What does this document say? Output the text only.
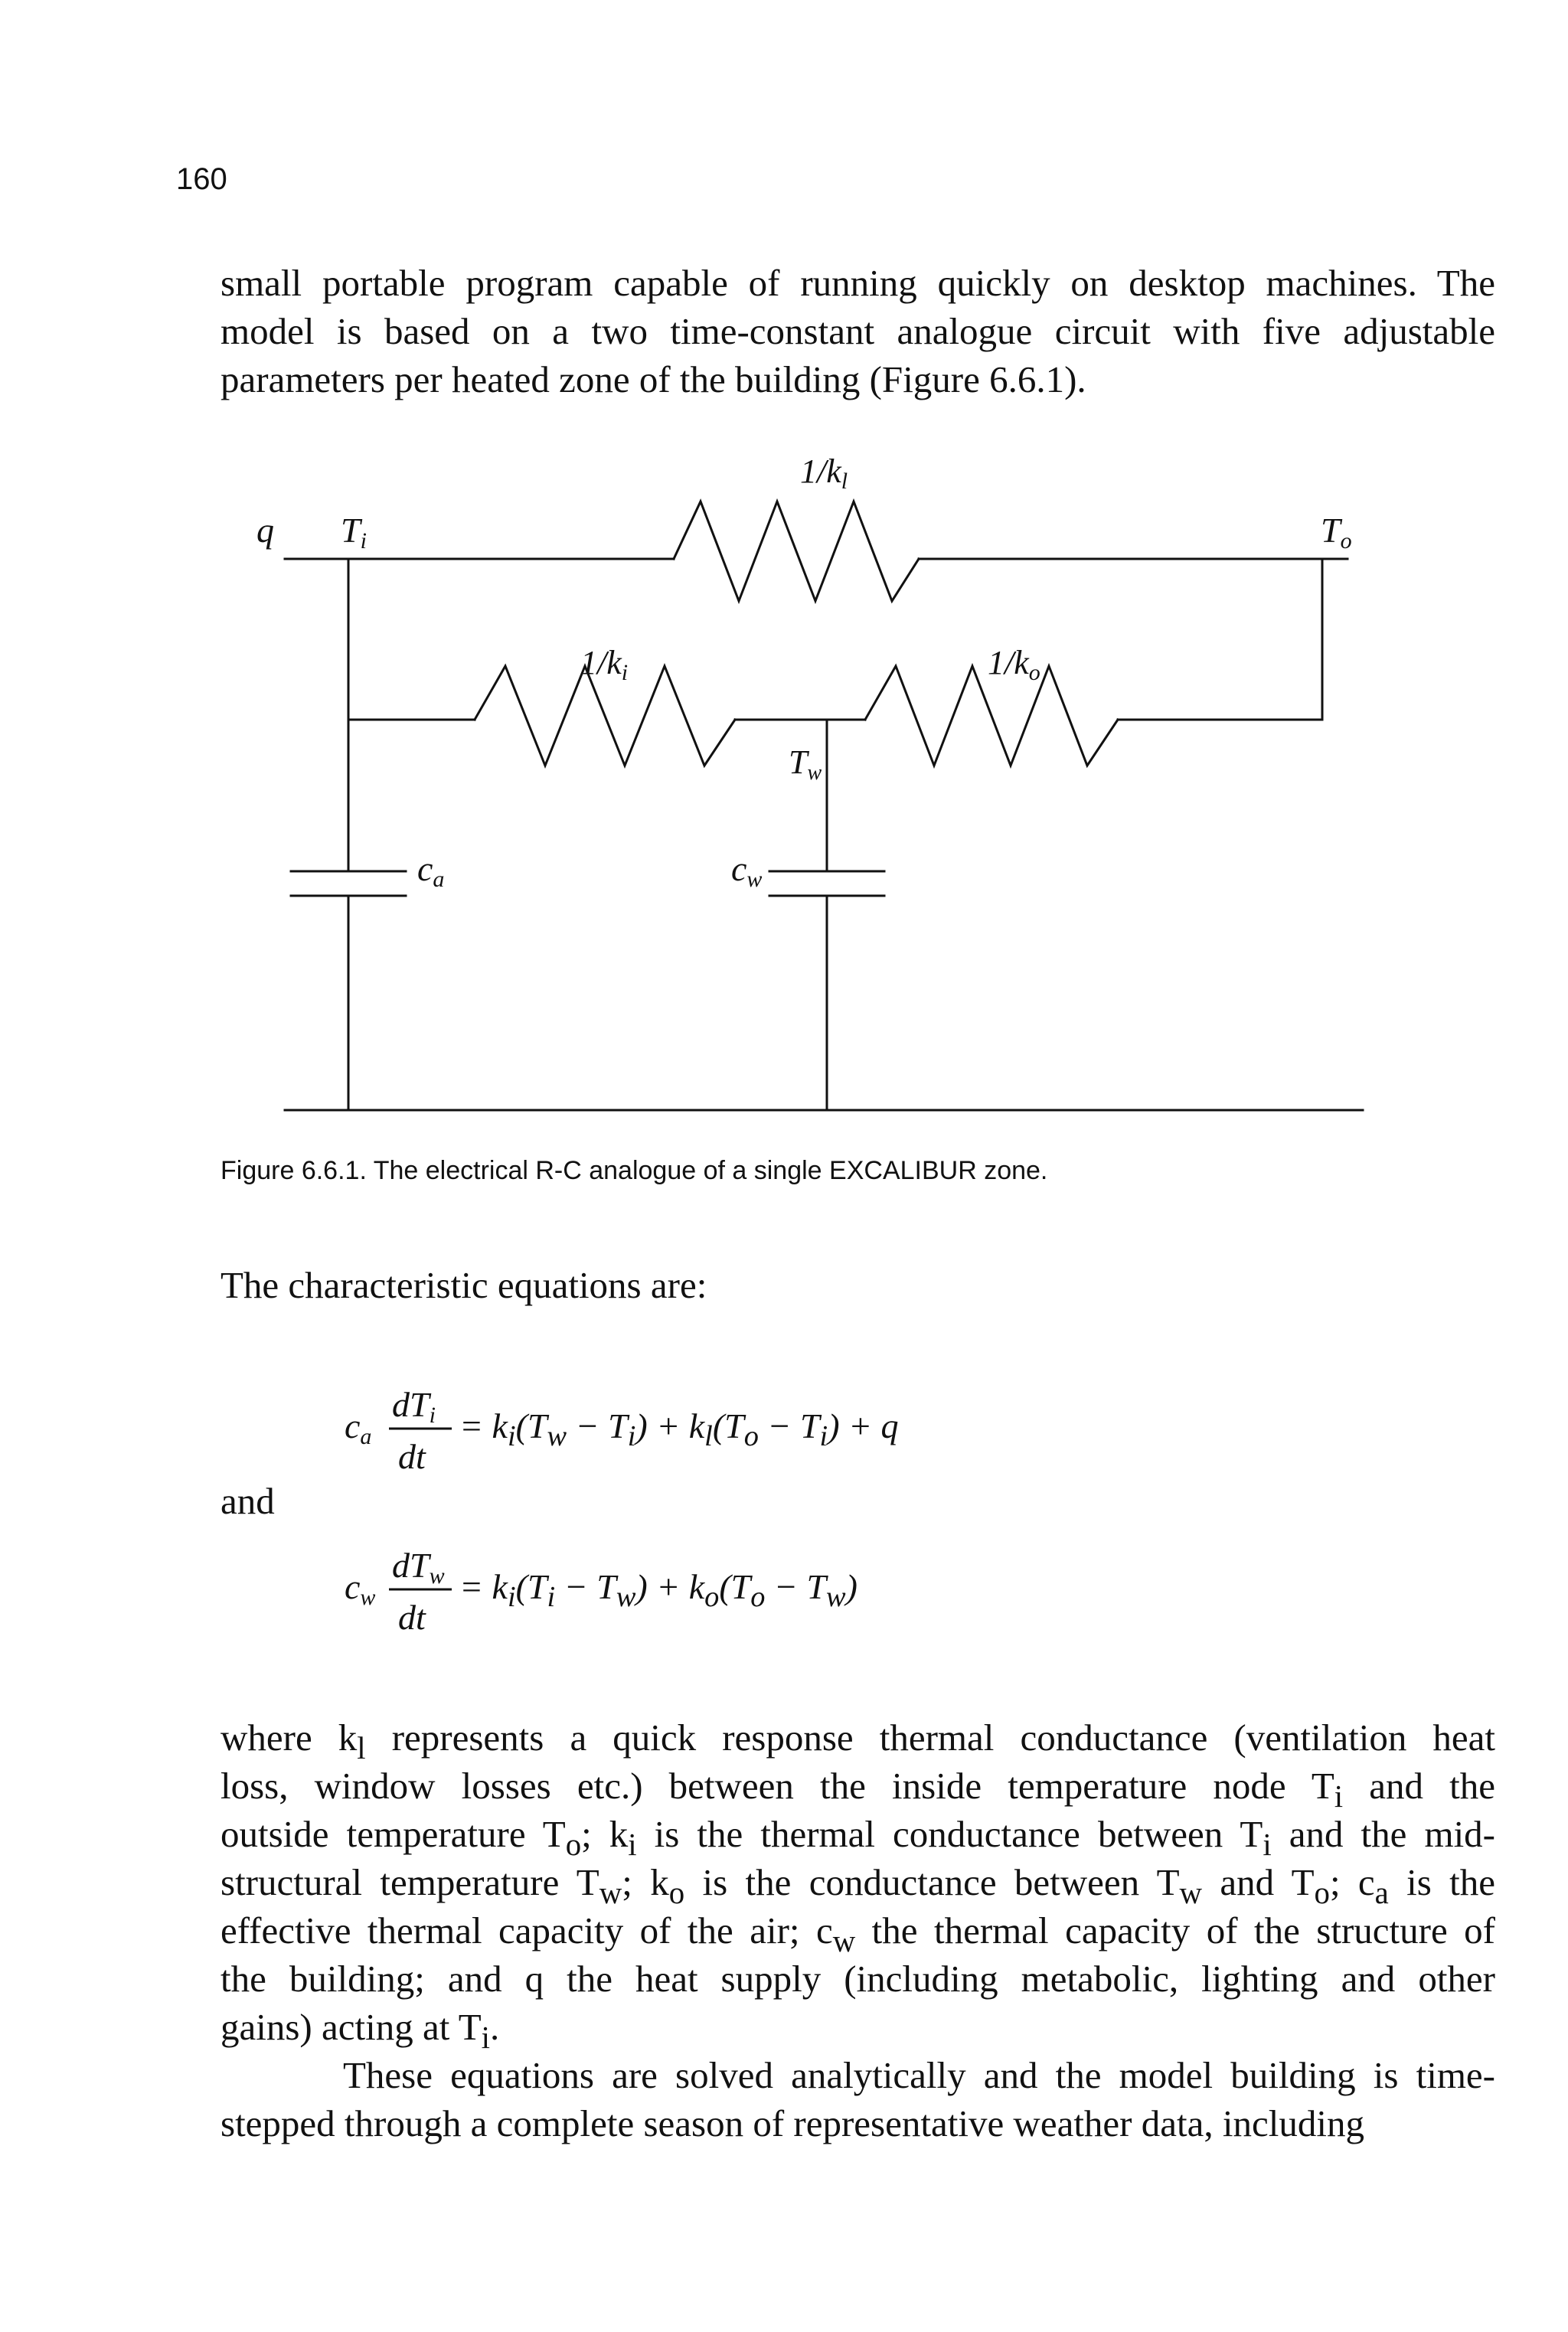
160

small portable program capable of running quickly on desktop machines. The

model is based on a two time-constant analogue circuit with five adjustable

parameters per heated zone of the building (Figure 6.6.1).

q Ti	To
1/kl
1/ki	1/ko
Tw
ca	cw
Figure 6.6.1. The electrical R-C analogue of a single EXCALIBUR zone.
The characteristic equations are:
ca
dTi
dt
= $k_i(T_w - T_i) + k_l(T_o - T_i) + q$
and
cw
dTw
dt
= $k_i(T_i - T_w) + k_o(T_o - T_w)$

where $k_l$ represents a quick response thermal conductance (ventilation heat

loss, window losses etc.) between the inside temperature node $T_i$ and the

outside temperature $T_o$; $k_i$ is the thermal conductance between $T_i$ and the mid-

structural temperature $T_w$; $k_o$ is the conductance between $T_w$ and $T_o$; $c_a$ is the

effective thermal capacity of the air; $c_w$ the thermal capacity of the structure of

the building; and q the heat supply (including metabolic, lighting and other

gains) acting at $T_i$.

These equations are solved analytically and the model building is time-

stepped through a complete season of representative weather data, including
